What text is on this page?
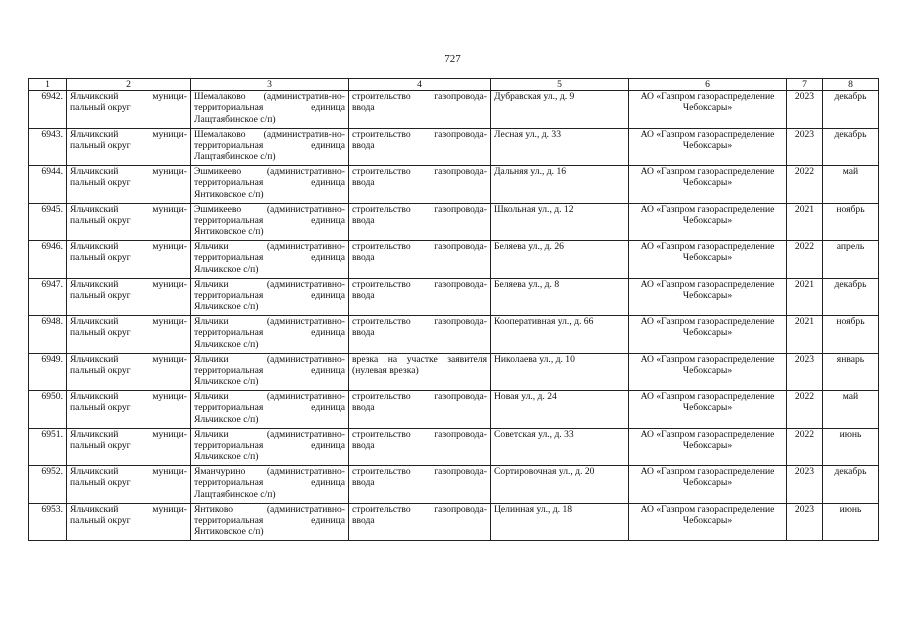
727
1	2	3	4	5	6	7	8
6942.	Яльчикский муници-пальный округ	Шемалаково (административ-но-территориальная единица Лащтаябинское с/п)	строительство газопровода-ввода	Дубравская ул., д. 9	АО «Газпром газораспределение Чебоксары»	2023	декабрь
6943.	Яльчикский муници-пальный округ	Шемалаково (административ-но-территориальная единица Лащтаябинское с/п)	строительство газопровода-ввода	Лесная ул., д. 33	АО «Газпром газораспределение Чебоксары»	2023	декабрь
6944.	Яльчикский муници-пальный округ	Эшмикеево (административно-территориальная единица Янтиковское с/п)	строительство газопровода-ввода	Дальняя ул., д. 16	АО «Газпром газораспределение Чебоксары»	2022	май
6945.	Яльчикский муници-пальный округ	Эшмикеево (административно-территориальная единица Янтиковское с/п)	строительство газопровода-ввода	Школьная ул., д. 12	АО «Газпром газораспределение Чебоксары»	2021	ноябрь
6946.	Яльчикский муници-пальный округ	Яльчики (административно-территориальная единица Яльчикское с/п)	строительство газопровода-ввода	Беляева ул., д. 26	АО «Газпром газораспределение Чебоксары»	2022	апрель
6947.	Яльчикский муници-пальный округ	Яльчики (административно-территориальная единица Яльчикское с/п)	строительство газопровода-ввода	Беляева ул., д. 8	АО «Газпром газораспределение Чебоксары»	2021	декабрь
6948.	Яльчикский муници-пальный округ	Яльчики (административно-территориальная единица Яльчикское с/п)	строительство газопровода-ввода	Кооперативная ул., д. 66	АО «Газпром газораспределение Чебоксары»	2021	ноябрь
6949.	Яльчикский муници-пальный округ	Яльчики (административно-территориальная единица Яльчикское с/п)	врезка на участке заявителя (нулевая врезка)	Николаева ул., д. 10	АО «Газпром газораспределение Чебоксары»	2023	январь
6950.	Яльчикский муници-пальный округ	Яльчики (административно-территориальная единица Яльчикское с/п)	строительство газопровода-ввода	Новая ул., д. 24	АО «Газпром газораспределение Чебоксары»	2022	май
6951.	Яльчикский муници-пальный округ	Яльчики (административно-территориальная единица Яльчикское с/п)	строительство газопровода-ввода	Советская ул., д. 33	АО «Газпром газораспределение Чебоксары»	2022	июнь
6952.	Яльчикский муници-пальный округ	Яманчурино (административно-территориальная единица Лащтаябинское с/п)	строительство газопровода-ввода	Сортировочная ул., д. 20	АО «Газпром газораспределение Чебоксары»	2023	декабрь
6953.	Яльчикский муници-пальный округ	Янтиково (административно-территориальная единица Янтиковское с/п)	строительство газопровода-ввода	Целинная ул., д. 18	АО «Газпром газораспределение Чебоксары»	2023	июнь
